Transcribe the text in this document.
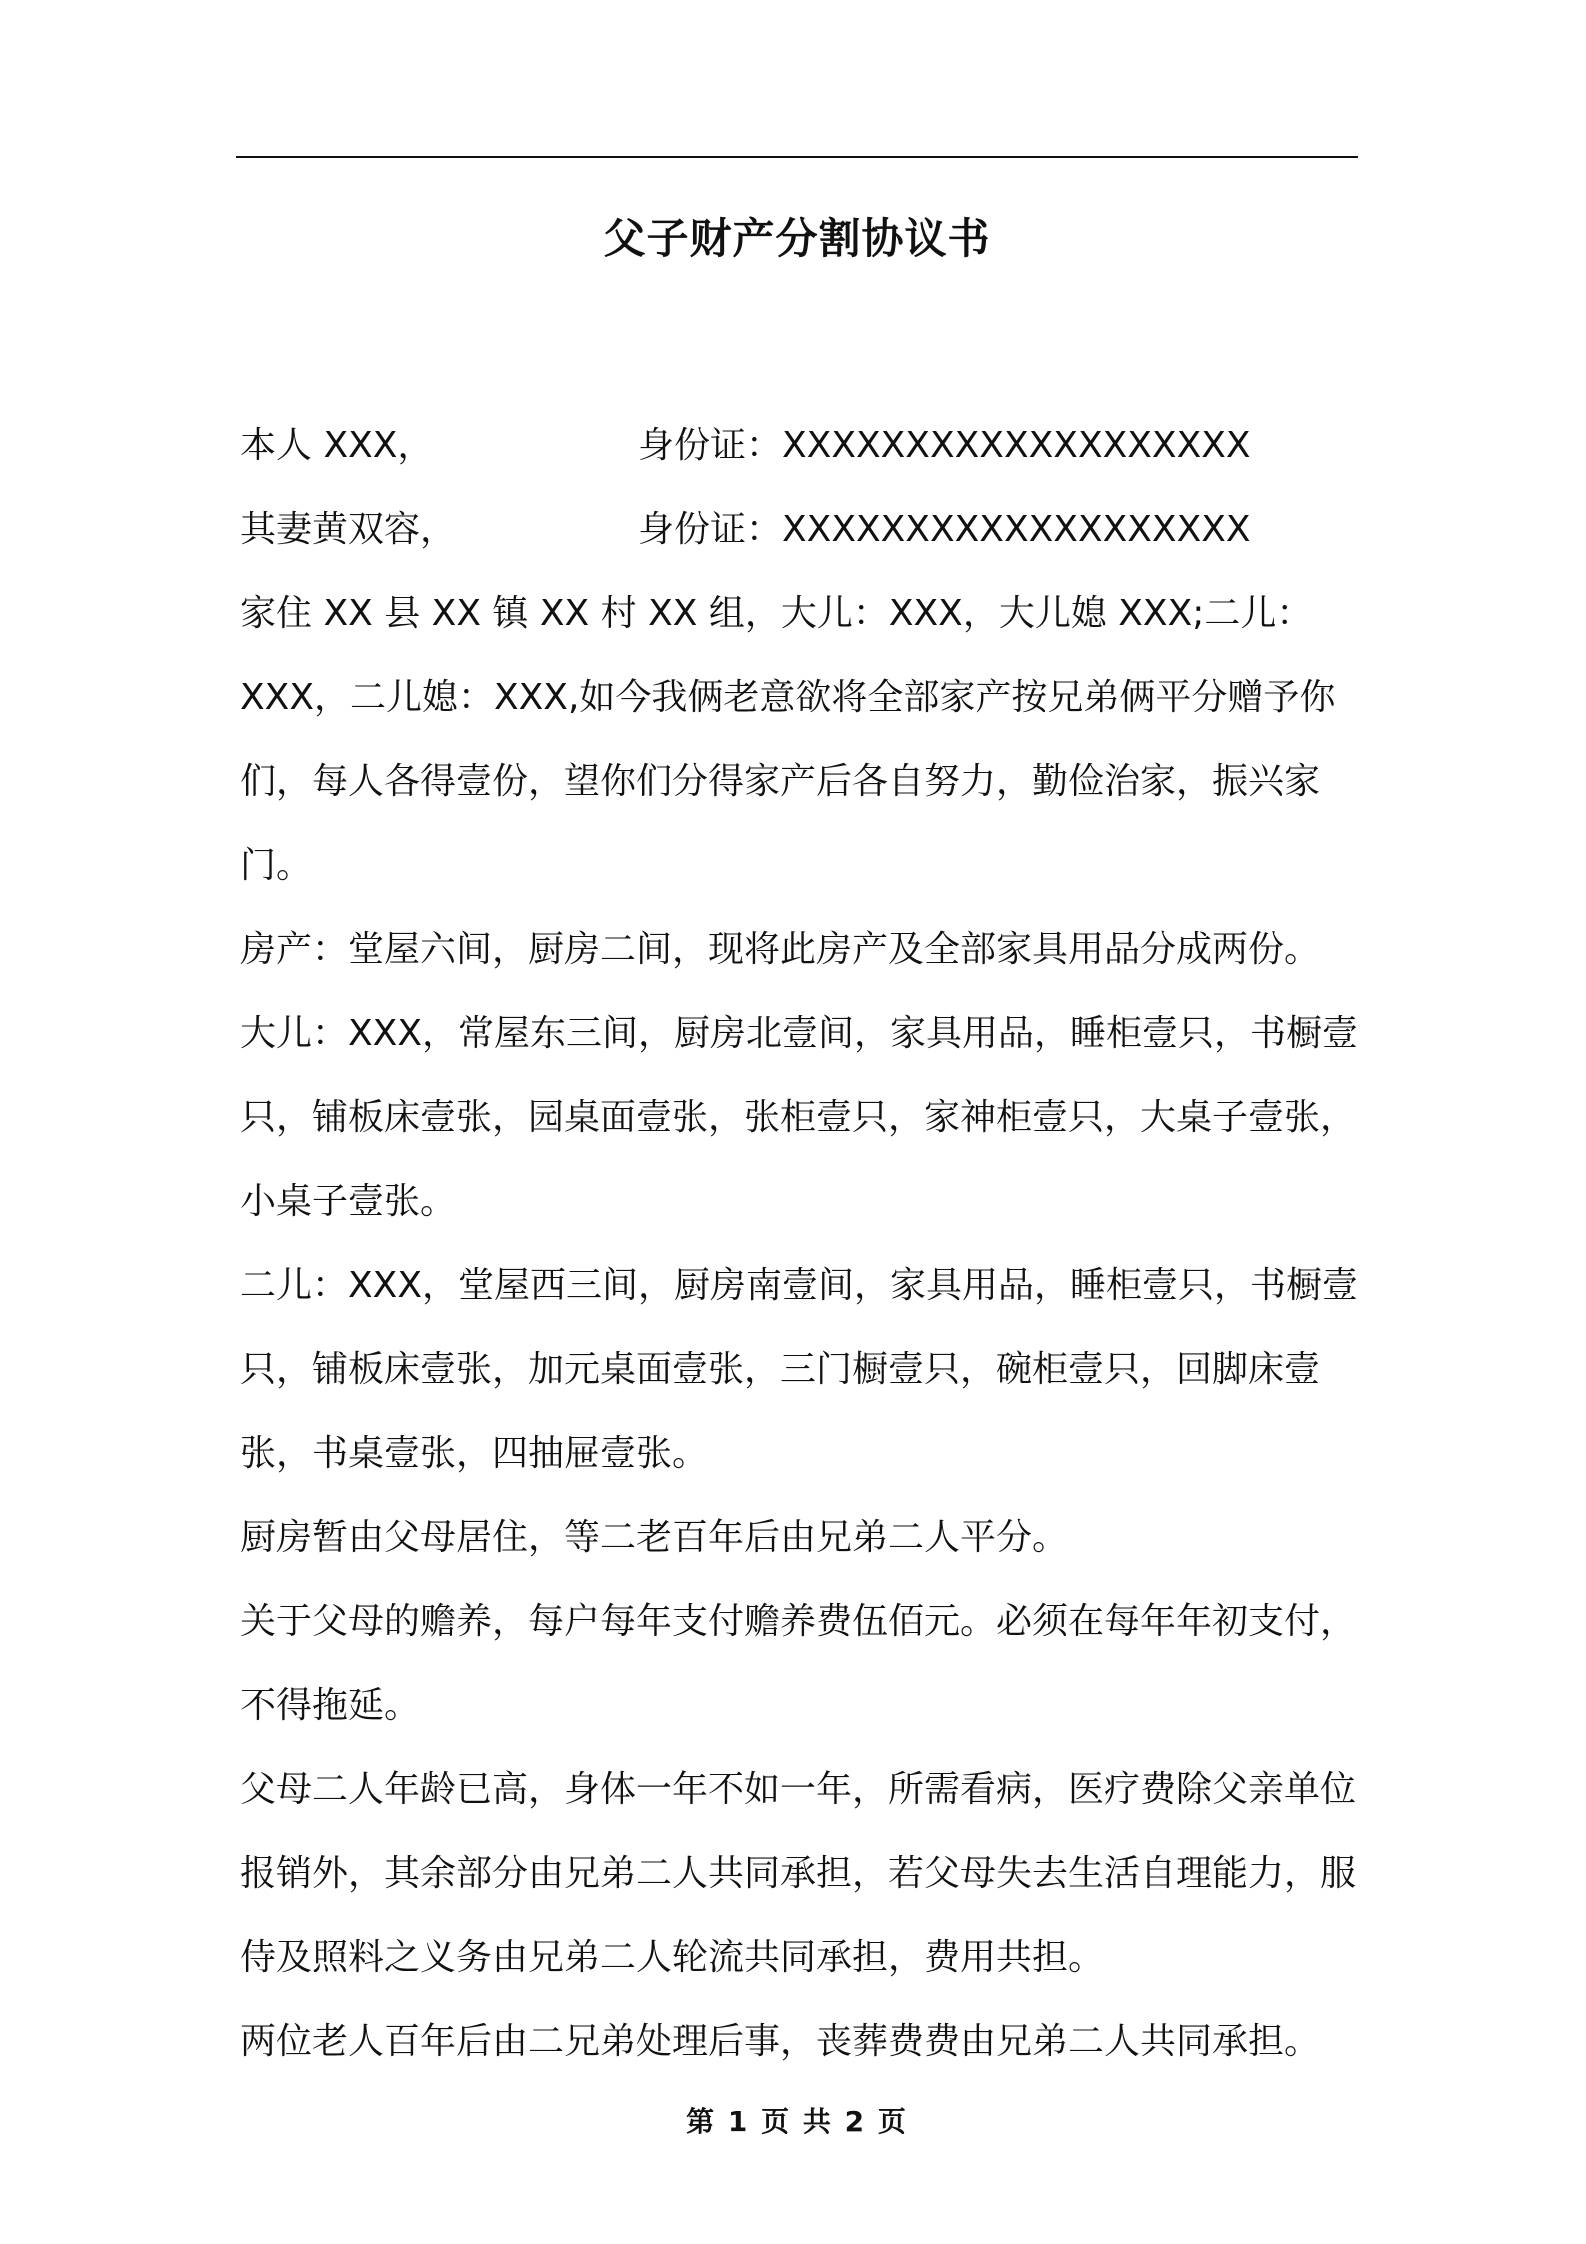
父子财产分割协议书
本人 XXX，	身份证：XXXXXXXXXXXXXXXXXXX
其妻黄双容，	身份证：XXXXXXXXXXXXXXXXXXX

家住 XX 县 XX 镇 XX 村 XX 组，大儿：XXX，大儿媳 XXX;二儿：XXX，二儿媳：XXX,如今我俩老意欲将全部家产按兄弟俩平分赠予你们，每人各得壹份，望你们分得家产后各自努力，勤俭治家，振兴家门。

房产：堂屋六间，厨房二间，现将此房产及全部家具用品分成两份。

大儿：XXX，常屋东三间，厨房北壹间，家具用品，睡柜壹只，书橱壹只，铺板床壹张，园桌面壹张，张柜壹只，家神柜壹只，大桌子壹张，小桌子壹张。

二儿：XXX，堂屋西三间，厨房南壹间，家具用品，睡柜壹只，书橱壹只，铺板床壹张，加元桌面壹张，三门橱壹只，碗柜壹只，回脚床壹张，书桌壹张，四抽屉壹张。

厨房暂由父母居住，等二老百年后由兄弟二人平分。

关于父母的赡养，每户每年支付赡养费伍佰元。必须在每年年初支付，不得拖延。

父母二人年龄已高，身体一年不如一年，所需看病，医疗费除父亲单位报销外，其余部分由兄弟二人共同承担，若父母失去生活自理能力，服侍及照料之义务由兄弟二人轮流共同承担，费用共担。

两位老人百年后由二兄弟处理后事，丧葬费费由兄弟二人共同承担。

第 1 页 共 2 页
